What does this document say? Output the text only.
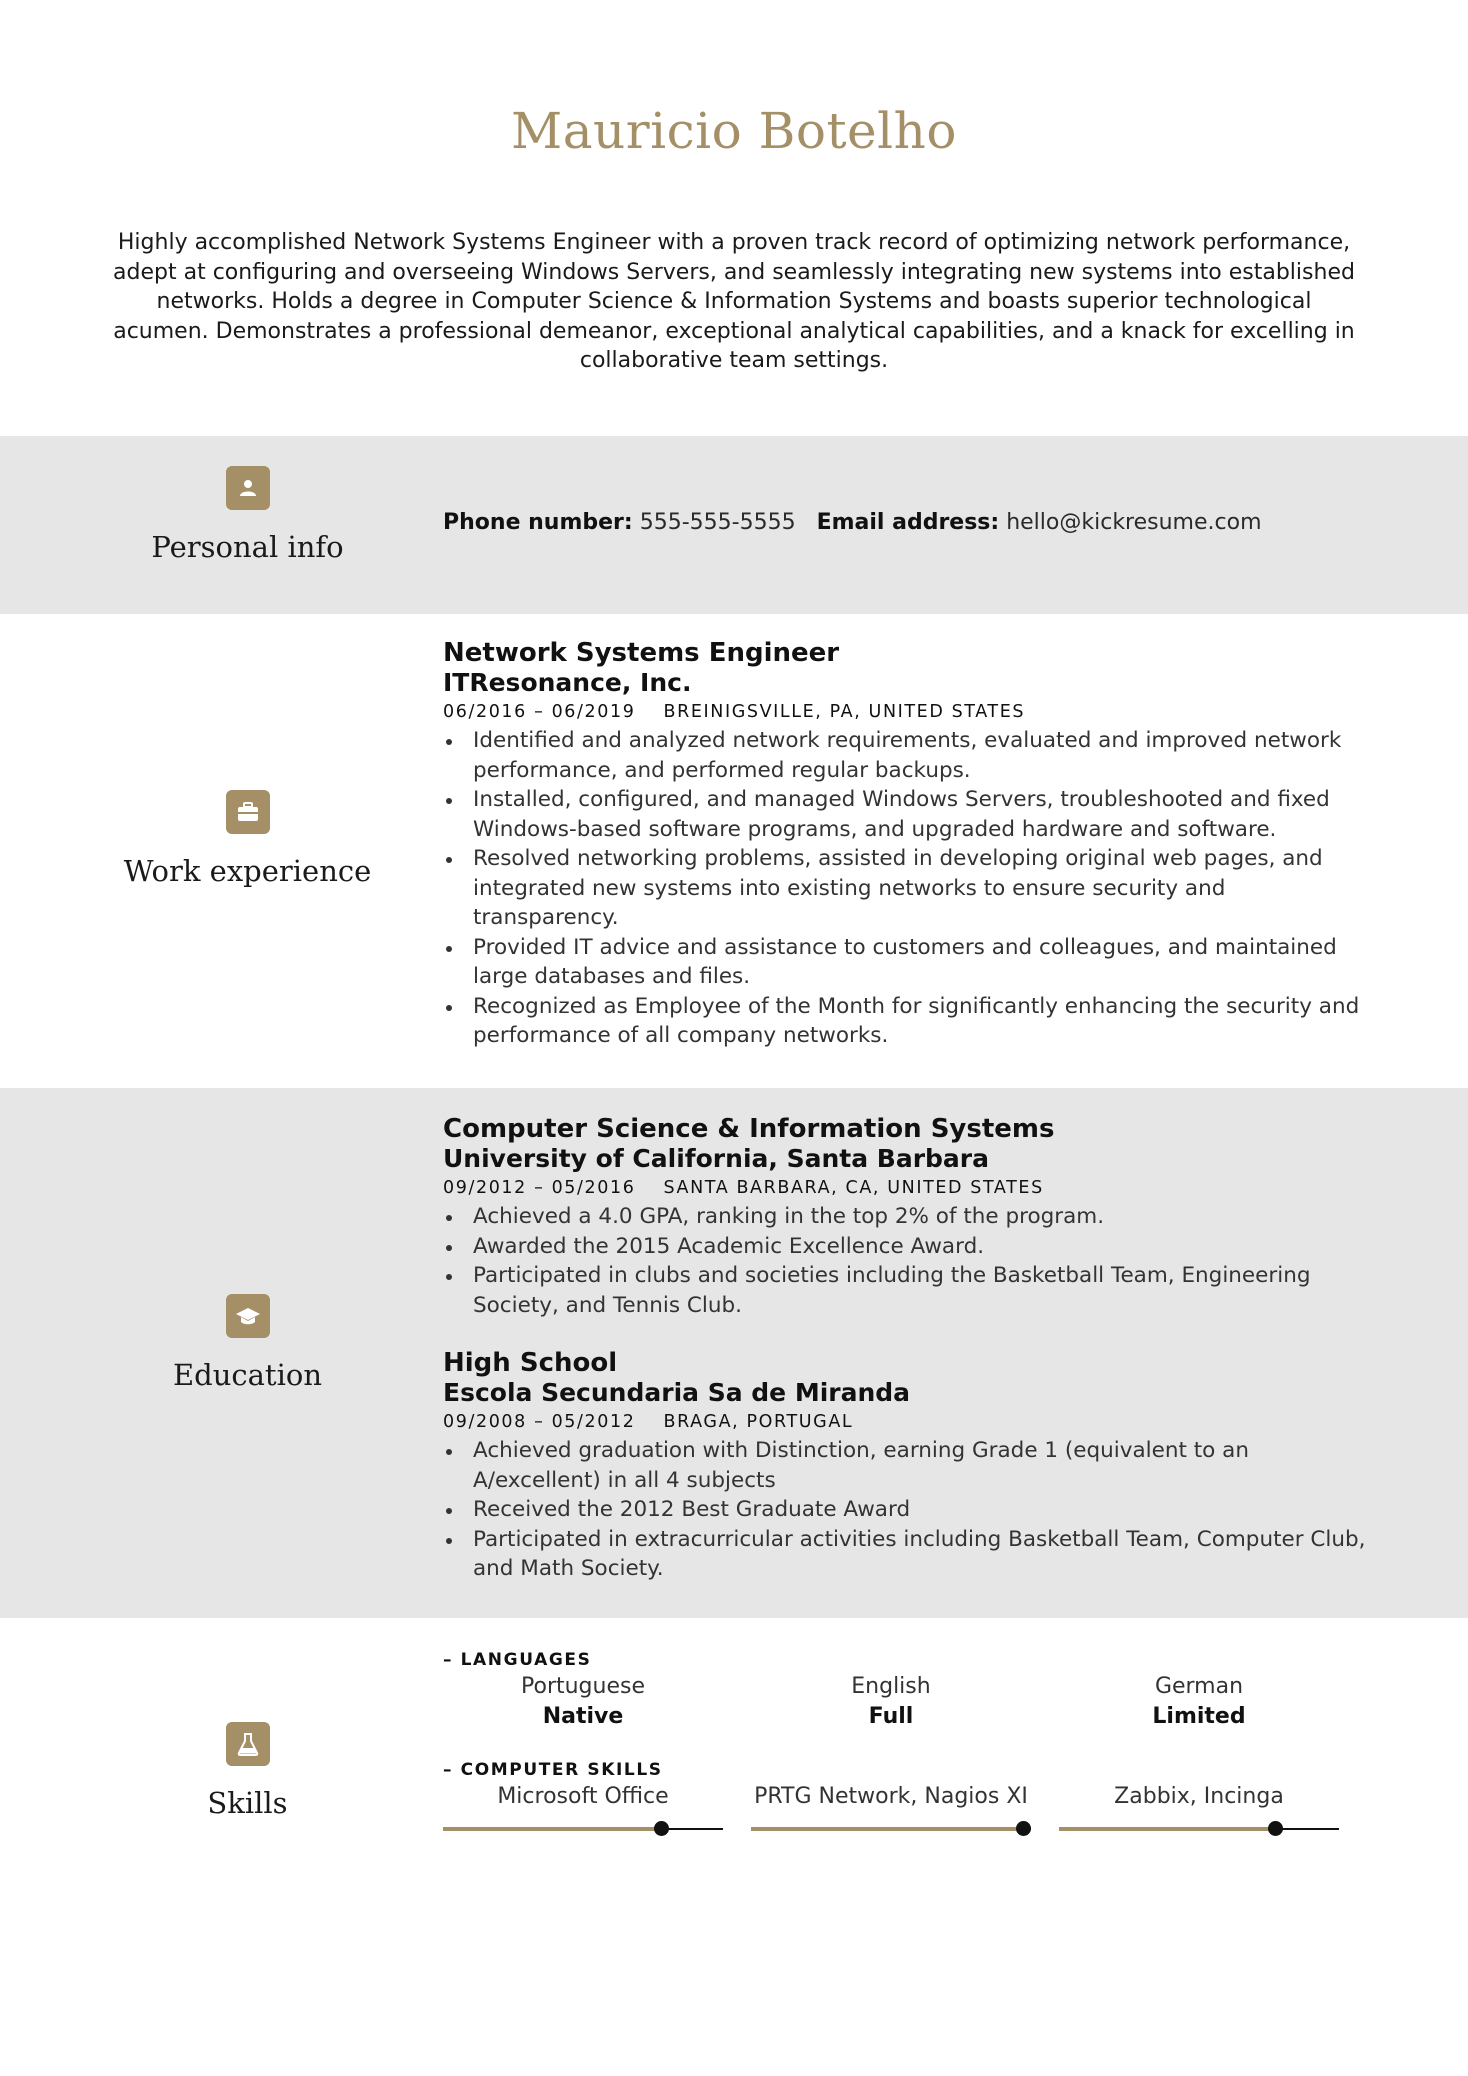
Mauricio Botelho
Highly accomplished Network Systems Engineer with a proven track record of optimizing network performance, adept at configuring and overseeing Windows Servers, and seamlessly integrating new systems into established networks. Holds a degree in Computer Science & Information Systems and boasts superior technological acumen. Demonstrates a professional demeanor, exceptional analytical capabilities, and a knack for excelling in collaborative team settings.
Personal info
Phone number: 555-555-5555 Email address: hello@kickresume.com
Work experience
Network Systems Engineer
ITResonance, Inc.
06/2016 – 06/2019 BREINIGSVILLE, PA, UNITED STATES
Identified and analyzed network requirements, evaluated and improved network performance, and performed regular backups.
Installed, configured, and managed Windows Servers, troubleshooted and fixed Windows-based software programs, and upgraded hardware and software.
Resolved networking problems, assisted in developing original web pages, and integrated new systems into existing networks to ensure security and transparency.
Provided IT advice and assistance to customers and colleagues, and maintained large databases and files.
Recognized as Employee of the Month for significantly enhancing the security and performance of all company networks.
Education
Computer Science & Information Systems
University of California, Santa Barbara
09/2012 – 05/2016 SANTA BARBARA, CA, UNITED STATES
Achieved a 4.0 GPA, ranking in the top 2% of the program.
Awarded the 2015 Academic Excellence Award.
Participated in clubs and societies including the Basketball Team, Engineering Society, and Tennis Club.
High School
Escola Secundaria Sa de Miranda
09/2008 – 05/2012 BRAGA, PORTUGAL
Achieved graduation with Distinction, earning Grade 1 (equivalent to an A/excellent) in all 4 subjects
Received the 2012 Best Graduate Award
Participated in extracurricular activities including Basketball Team, Computer Club, and Math Society.
Skills
– LANGUAGES
Portuguese
Native
English
Full
German
Limited
– COMPUTER SKILLS
Microsoft Office	PRTG Network, Nagios XI	Zabbix, Incinga
